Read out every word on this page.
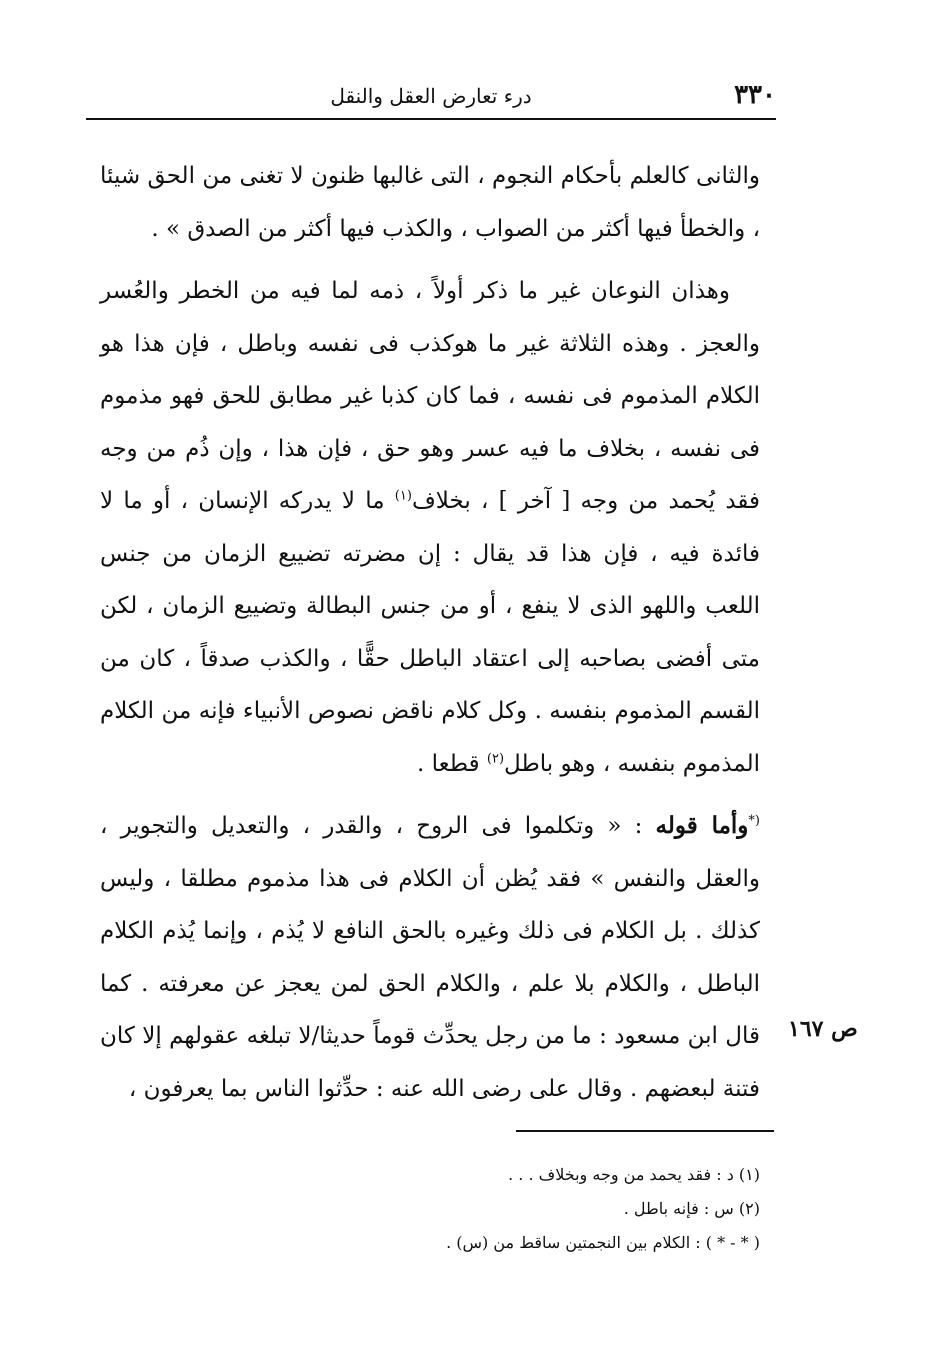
٣٣٠
درء تعارض العقل والنقل

والثانى كالعلم بأحكام النجوم ، التى غالبها ظنون لا تغنى من الحق شيئا ، والخطأ فيها أكثر من الصواب ، والكذب فيها أكثر من الصدق » .

وهذان النوعان غير ما ذكر أولاً ، ذمه لما فيه من الخطر والعُسر والعجز . وهذه الثلاثة غير ما هوكذب فى نفسه وباطل ، فإن هذا هو الكلام المذموم فى نفسه ، فما كان كذبا غير مطابق للحق فهو مذموم فى نفسه ، بخلاف ما فيه عسر وهو حق ، فإن هذا ، وإن ذُم من وجه فقد يُحمد من وجه [ آخر ] ، بخلاف$^{(١)}$ ما لا يدركه الإنسان ، أو ما لا فائدة فيه ، فإن هذا قد يقال : إن مضرته تضييع الزمان من جنس اللعب واللهو الذى لا ينفع ، أو من جنس البطالة وتضييع الزمان ، لكن متى أفضى بصاحبه إلى اعتقاد الباطل حقًّا ، والكذب صدقاً ، كان من القسم المذموم بنفسه . وكل كلام ناقض نصوص الأنبياء فإنه من الكلام المذموم بنفسه ، وهو باطل$^{(٢)}$ قطعا .

(*وأما قوله : « وتكلموا فى الروح ، والقدر ، والتعديل والتجوير ، والعقل والنفس » فقد يُظن أن الكلام فى هذا مذموم مطلقا ، وليس كذلك . بل الكلام فى ذلك وغيره بالحق النافع لا يُذم ، وإنما يُذم الكلام الباطل ، والكلام بلا علم ، والكلام الحق لمن يعجز عن معرفته . كما قال ابن مسعود : ما من رجل يحدِّث قوماً حديثا/لا تبلغه عقولهم إلا كان فتنة لبعضهم . وقال على رضى الله عنه : حدِّثوا الناس بما يعرفون ،

ص ١٦٧

(١) د : فقد يحمد من وجه وبخلاف . . .

(٢) س : فإنه باطل .

( * - * ) : الكلام بين النجمتين ساقط من (س) .
